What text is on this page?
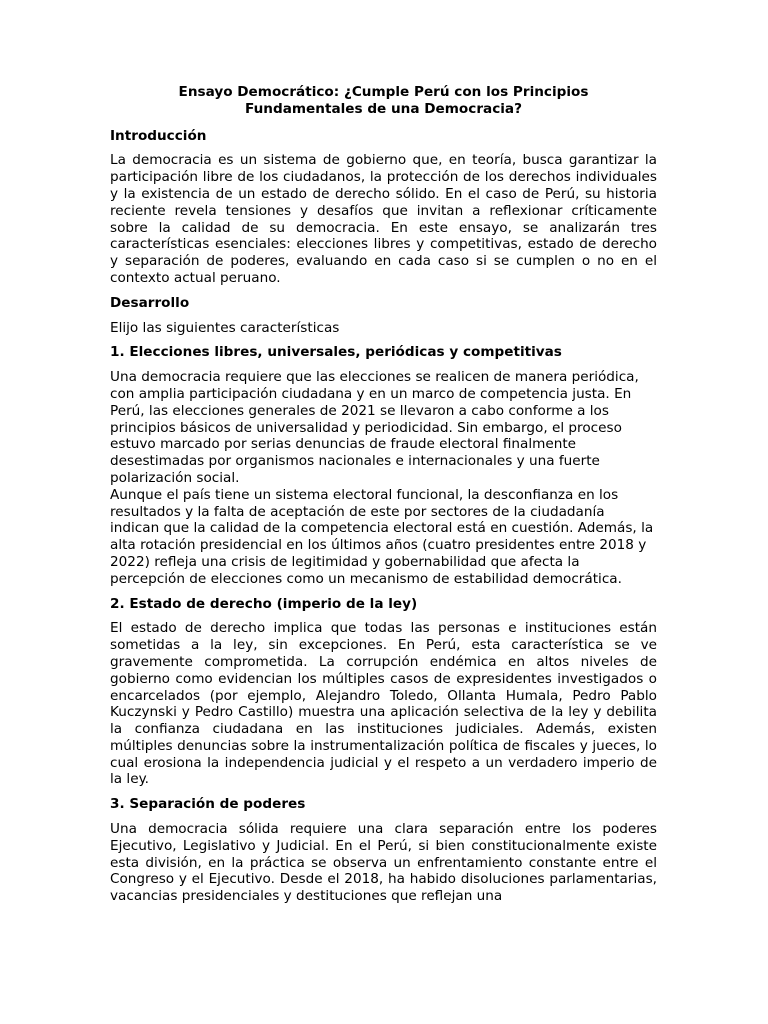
Ensayo Democrático: ¿Cumple Perú con los Principios
Fundamentales de una Democracia?
Introducción

La democracia es un sistema de gobierno que, en teoría, busca garantizar la participación libre de los ciudadanos, la protección de los derechos individuales y la existencia de un estado de derecho sólido. En el caso de Perú, su historia reciente revela tensiones y desafíos que invitan a reflexionar críticamente sobre la calidad de su democracia. En este ensayo, se analizarán tres características esenciales: elecciones libres y competitivas, estado de derecho y separación de poderes, evaluando en cada caso si se cumplen o no en el contexto actual peruano.

Desarrollo

Elijo las siguientes características

1. Elecciones libres, universales, periódicas y competitivas

Una democracia requiere que las elecciones se realicen de manera periódica, con amplia participación ciudadana y en un marco de competencia justa. En Perú, las elecciones generales de 2021 se llevaron a cabo conforme a los principios básicos de universalidad y periodicidad. Sin embargo, el proceso estuvo marcado por serias denuncias de fraude electoral finalmente desestimadas por organismos nacionales e internacionales y una fuerte polarización social.

Aunque el país tiene un sistema electoral funcional, la desconfianza en los resultados y la falta de aceptación de este por sectores de la ciudadanía indican que la calidad de la competencia electoral está en cuestión. Además, la alta rotación presidencial en los últimos años (cuatro presidentes entre 2018 y 2022) refleja una crisis de legitimidad y gobernabilidad que afecta la percepción de elecciones como un mecanismo de estabilidad democrática.

2. Estado de derecho (imperio de la ley)

El estado de derecho implica que todas las personas e instituciones están sometidas a la ley, sin excepciones. En Perú, esta característica se ve gravemente comprometida. La corrupción endémica en altos niveles de gobierno como evidencian los múltiples casos de expresidentes investigados o encarcelados (por ejemplo, Alejandro Toledo, Ollanta Humala, Pedro Pablo Kuczynski y Pedro Castillo) muestra una aplicación selectiva de la ley y debilita la confianza ciudadana en las instituciones judiciales. Además, existen múltiples denuncias sobre la instrumentalización política de fiscales y jueces, lo cual erosiona la independencia judicial y el respeto a un verdadero imperio de la ley.

3. Separación de poderes

Una democracia sólida requiere una clara separación entre los poderes Ejecutivo, Legislativo y Judicial. En el Perú, si bien constitucionalmente existe esta división, en la práctica se observa un enfrentamiento constante entre el Congreso y el Ejecutivo. Desde el 2018, ha habido disoluciones parlamentarias, vacancias presidenciales y destituciones que reflejan una
